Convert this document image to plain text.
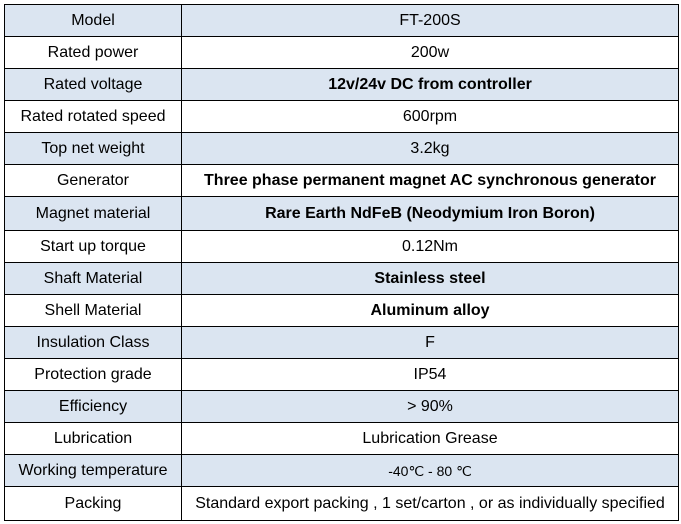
Model	FT-200S
Rated power	200w
Rated voltage	12v/24v DC from controller
Rated rotated speed	600rpm
Top net weight	3.2kg
Generator	Three phase permanent magnet AC synchronous generator
Magnet material	Rare Earth NdFeB (Neodymium Iron Boron)
Start up torque	0.12Nm
Shaft Material	Stainless steel
Shell Material	Aluminum alloy
Insulation Class	F
Protection grade	IP54
Efficiency	> 90%
Lubrication	Lubrication Grease
Working temperature	-40℃ - 80 ℃
Packing	Standard export packing , 1 set/carton , or as individually specified
